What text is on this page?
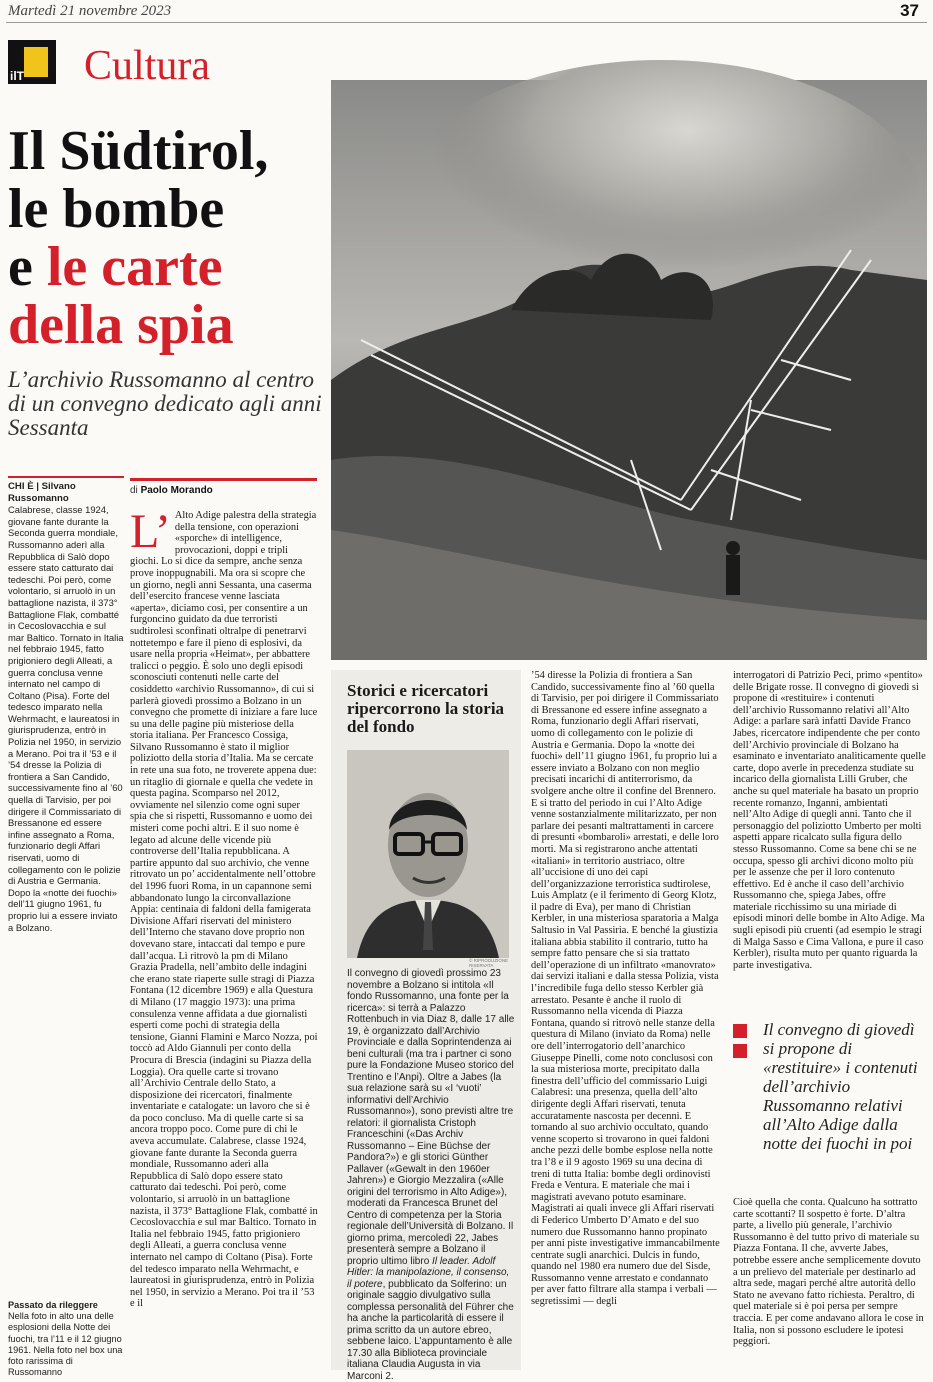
Martedì 21 novembre 2023	37
ilT Cultura
Il Südtirol,
le bombe
e le carte
della spia
L’archivio Russomanno al centro di un convegno dedicato agli anni Sessanta
CHI È | Silvano Russomanno
Calabrese, classe 1924, giovane fante durante la Seconda guerra mondiale, Russomanno aderì alla Repubblica di Salò dopo essere stato catturato dai tedeschi. Poi però, come volontario, si arruolò in un battaglione nazista, il 373° Battaglione Flak, combatté in Cecoslovacchia e sul mar Baltico. Tornato in Italia nel febbraio 1945, fatto prigioniero degli Alleati, a guerra conclusa venne internato nel campo di Coltano (Pisa). Forte del tedesco imparato nella Wehrmacht, e laureatosi in giurisprudenza, entrò in Polizia nel 1950, in servizio a Merano. Poi tra il ’53 e il ’54 dresse la Polizia di frontiera a San Candido, successivamente fino al ’60 quella di Tarvisio, per poi dirigere il Commissariato di Bressanone ed essere infine assegnato a Roma, funzionario degli Affari riservati, uomo di collegamento con le polizie di Austria e Germania. Dopo la «notte dei fuochi» dell’11 giugno 1961, fu proprio lui a essere inviato a Bolzano.
Passato da rileggere
Nella foto in alto una delle esplosioni della Notte dei fuochi, tra l’11 e il 12 giugno 1961. Nella foto nel box una foto rarissima di Russomanno
di Paolo Morando
L’ Alto Adige palestra della strategia della tensione, con operazioni «sporche» di intelligence, provocazioni, doppi e tripli giochi. Lo si dice da sempre, anche senza prove inoppugnabili. Ma ora si scopre che un giorno, negli anni Sessanta, una caserma dell’esercito francese venne lasciata «aperta», diciamo così, per consentire a un furgoncino guidato da due terroristi sudtirolesi sconfinati oltralpe di penetrarvi nottetempo e fare il pieno di esplosivi, da usare nella propria «Heimat», per abbattere tralicci o peggio. È solo uno degli episodi sconosciuti contenuti nelle carte del cosiddetto «archivio Russomanno», di cui si parlerà giovedì prossimo a Bolzano in un convegno che promette di iniziare a fare luce su una delle pagine più misteriose della storia italiana. Per Francesco Cossiga, Silvano Russomanno è stato il miglior poliziotto della storia d’Italia. Ma se cercate in rete una sua foto, ne troverete appena due: un ritaglio di giornale e quella che vedete in questa pagina. Scomparso nel 2012, ovviamente nel silenzio come ogni super spia che si rispetti, Russomanno e uomo dei misteri come pochi altri. E il suo nome è legato ad alcune delle vicende più controverse dell’Italia repubblicana. A partire appunto dal suo archivio, che venne ritrovato un po’ accidentalmente nell’ottobre del 1996 fuori Roma, in un capannone semi abbandonato lungo la circonvallazione Appia: centinaia di faldoni della famigerata Divisione Affari riservati del ministero dell’Interno che stavano dove proprio non dovevano stare, intaccati dal tempo e pure dall’acqua. Lì ritrovò la pm di Milano Grazia Pradella, nell’ambito delle indagini che erano state riaperte sulle stragi di Piazza Fontana (12 dicembre 1969) e alla Questura di Milano (17 maggio 1973): una prima consulenza venne affidata a due giornalisti esperti come pochi di strategia della tensione, Gianni Flamini e Marco Nozza, poi toccò ad Aldo Giannuli per conto della Procura di Brescia (indagini su Piazza della Loggia). Ora quelle carte si trovano all’Archivio Centrale dello Stato, a disposizione dei ricercatori, finalmente inventariate e catalogate: un lavoro che si è da poco concluso. Ma di quelle carte si sa ancora troppo poco. Come pure di chi le aveva accumulate. Calabrese, classe 1924, giovane fante durante la Seconda guerra mondiale, Russomanno aderì alla Repubblica di Salò dopo essere stato catturato dai tedeschi. Poi però, come volontario, si arruolò in un battaglione nazista, il 373° Battaglione Flak, combatté in Cecoslovacchia e sul mar Baltico. Tornato in Italia nel febbraio 1945, fatto prigioniero degli Alleati, a guerra conclusa venne internato nel campo di Coltano (Pisa). Forte del tedesco imparato nella Wehrmacht, e laureatosi in giurisprudenza, entrò in Polizia nel 1950, in servizio a Merano. Poi tra il ’53 e il
Storici e ricercatori ripercorrono la storia del fondo
© RIPRODUZIONE RISERVATA
Il convegno di giovedì prossimo 23 novembre a Bolzano si intitola «Il fondo Russomanno, una fonte per la ricerca»: si terrà a Palazzo Rottenbuch in via Diaz 8, dalle 17 alle 19, è organizzato dall’Archivio Provinciale e dalla Soprintendenza ai beni culturali (ma tra i partner ci sono pure la Fondazione Museo storico del Trentino e l’Anpi). Oltre a Jabes (la sua relazione sarà su «I ‘vuoti’ informativi dell’Archivio Russomanno»), sono previsti altre tre relatori: il giornalista Cristoph Franceschini («Das Archiv Russomanno – Eine Büchse der Pandora?») e gli storici Günther Pallaver («Gewalt in den 1960er Jahren») e Giorgio Mezzalira («Alle origini del terrorismo in Alto Adige»), moderati da Francesca Brunet del Centro di competenza per la Storia regionale dell’Università di Bolzano. Il giorno prima, mercoledì 22, Jabes presenterà sempre a Bolzano il proprio ultimo libro Il leader. Adolf Hitler: la manipolazione, il consenso, il potere, pubblicato da Solferino: un originale saggio divulgativo sulla complessa personalità del Führer che ha anche la particolarità di essere il prima scritto da un autore ebreo, sebbene laico. L’appuntamento è alle 17.30 alla Biblioteca provinciale italiana Claudia Augusta in via Marconi 2.
’54 diresse la Polizia di frontiera a San Candido, successivamente fino al ’60 quella di Tarvisio, per poi dirigere il Commissariato di Bressanone ed essere infine assegnato a Roma, funzionario degli Affari riservati, uomo di collegamento con le polizie di Austria e Germania. Dopo la «notte dei fuochi» dell’11 giugno 1961, fu proprio lui a essere inviato a Bolzano con non meglio precisati incarichi di antiterrorismo, da svolgere anche oltre il confine del Brennero. E si tratto del periodo in cui l’Alto Adige venne sostanzialmente militarizzato, per non parlare dei pesanti maltrattamenti in carcere di presunti «bombaroli» arrestati, e delle loro morti. Ma si registrarono anche attentati «italiani» in territorio austriaco, oltre all’uccisione di uno dei capi dell’organizzazione terroristica sudtirolese, Luis Amplatz (e il ferimento di Georg Klotz, il padre di Eva), per mano di Christian Kerbler, in una misteriosa sparatoria a Malga Saltusio in Val Passiria. E benché la giustizia italiana abbia stabilito il contrario, tutto ha sempre fatto pensare che si sia trattato dell’operazione di un infiltrato «manovrato» dai servizi italiani e dalla stessa Polizia, vista l’incredibile fuga dello stesso Kerbler già arrestato. Pesante è anche il ruolo di Russomanno nella vicenda di Piazza Fontana, quando si ritrovò nelle stanze della questura di Milano (inviato da Roma) nelle ore dell’interrogatorio dell’anarchico Giuseppe Pinelli, come noto conclusosi con la sua misteriosa morte, precipitato dalla finestra dell’ufficio del commissario Luigi Calabresi: una presenza, quella dell’alto dirigente degli Affari riservati, tenuta accuratamente nascosta per decenni. E tornando al suo archivio occultato, quando venne scoperto si trovarono in quei faldoni anche pezzi delle bombe esplose nella notte tra l’8 e il 9 agosto 1969 su una decina di treni di tutta Italia: bombe degli ordinovisti Freda e Ventura. E materiale che mai i magistrati avevano potuto esaminare. Magistrati ai quali invece gli Affari riservati di Federico Umberto D’Amato e del suo numero due Russomanno hanno propinato per anni piste investigative immancabilmente centrate sugli anarchici. Dulcis in fundo, quando nel 1980 era numero due del Sisde, Russomanno venne arrestato e condannato per aver fatto filtrare alla stampa i verbali — segretissimi — degli
interrogatori di Patrizio Peci, primo «pentito» delle Brigate rosse. Il convegno di giovedì si propone di «restituire» i contenuti dell’archivio Russomanno relativi all’Alto Adige: a parlare sarà infatti Davide Franco Jabes, ricercatore indipendente che per conto dell’Archivio provinciale di Bolzano ha esaminato e inventariato analiticamente quelle carte, dopo averle in precedenza studiate su incarico della giornalista Lilli Gruber, che anche su quel materiale ha basato un proprio recente romanzo, Inganni, ambientati nell’Alto Adige di quegli anni. Tanto che il personaggio del poliziotto Umberto per molti aspetti appare ricalcato sulla figura dello stesso Russomanno. Come sa bene chi se ne occupa, spesso gli archivi dicono molto più per le assenze che per il loro contenuto effettivo. Ed è anche il caso dell’archivio Russomanno che, spiega Jabes, offre materiale ricchissimo su una miriade di episodi minori delle bombe in Alto Adige. Ma sugli episodi più cruenti (ad esempio le stragi di Malga Sasso e Cima Vallona, e pure il caso Kerbler), risulta muto per quanto riguarda la parte investigativa.
Il convegno di giovedì si propone di «restituire» i contenuti dell’archivio Russomanno relativi all’Alto Adige dalla notte dei fuochi in poi
Cioè quella che conta. Qualcuno ha sottratto carte scottanti? Il sospetto è forte. D’altra parte, a livello più generale, l’archivio Russomanno è del tutto privo di materiale su Piazza Fontana. Il che, avverte Jabes, potrebbe essere anche semplicemente dovuto a un prelievo del materiale per destinarlo ad altra sede, magari perché altre autorità dello Stato ne avevano fatto richiesta. Peraltro, di quel materiale si è poi persa per sempre traccia. E per come andavano allora le cose in Italia, non si possono escludere le ipotesi peggiori.
